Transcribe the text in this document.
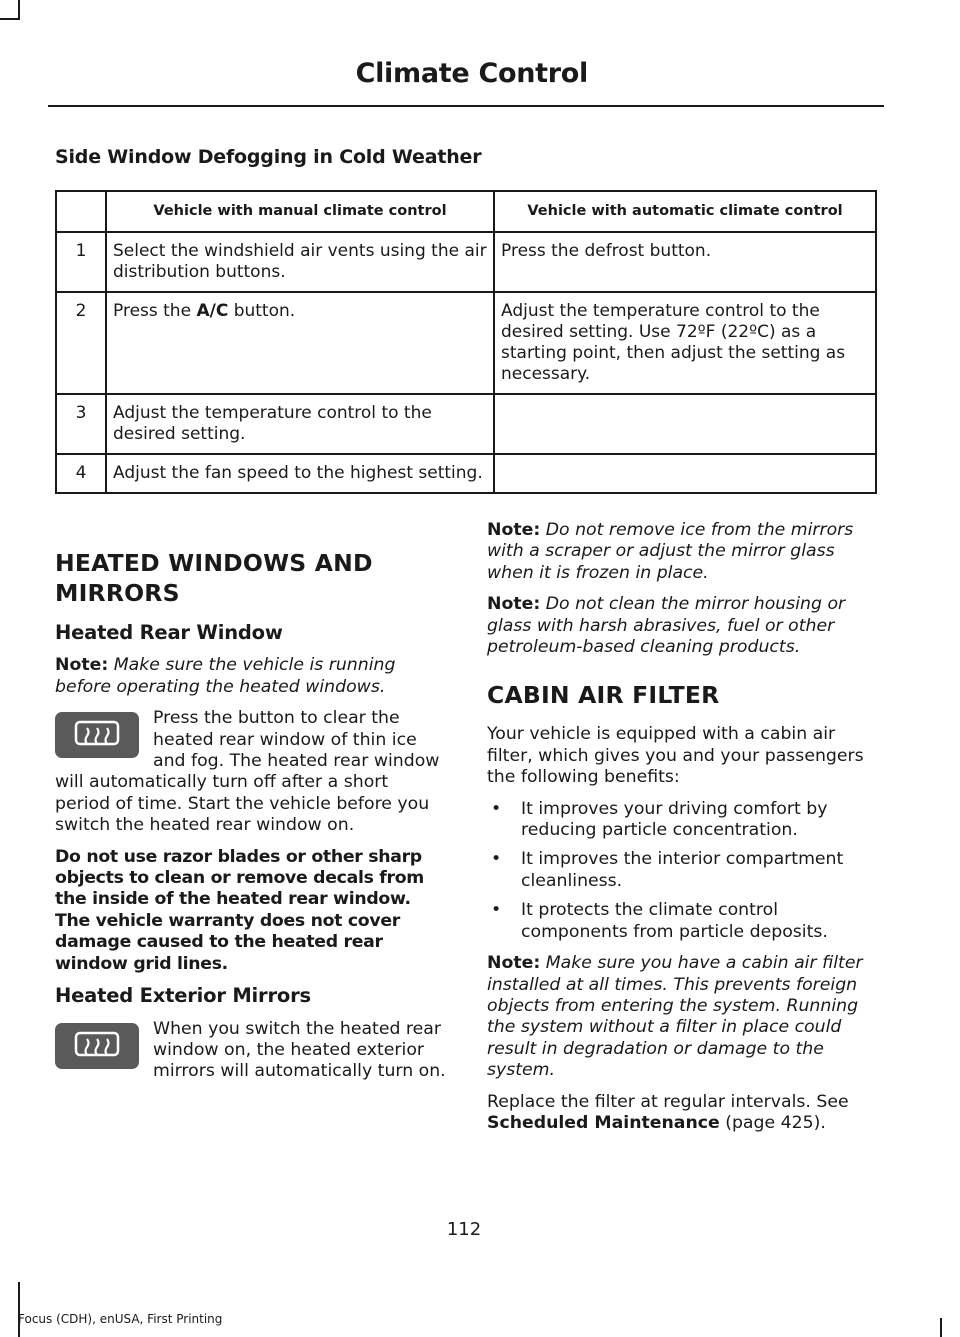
Climate Control
Side Window Defogging in Cold Weather
	Vehicle with manual climate control	Vehicle with automatic climate control
1	Select the windshield air vents using the air distribution buttons.	Press the defrost button.
2	Press the A/C button.	Adjust the temperature control to the desired setting. Use 72ºF (22ºC) as a starting point, then adjust the setting as necessary.
3	Adjust the temperature control to the desired setting.	
4	Adjust the fan speed to the highest setting.	
HEATED WINDOWS AND MIRRORS
Heated Rear Window

Note: Make sure the vehicle is running before operating the heated windows.

Press the button to clear the heated rear window of thin ice and fog. The heated rear window will automatically turn off after a short period of time. Start the vehicle before you switch the heated rear window on.

Do not use razor blades or other sharp objects to clean or remove decals from the inside of the heated rear window. The vehicle warranty does not cover damage caused to the heated rear window grid lines.

Heated Exterior Mirrors

When you switch the heated rear window on, the heated exterior mirrors will automatically turn on.

Note: Do not remove ice from the mirrors with a scraper or adjust the mirror glass when it is frozen in place.

Note: Do not clean the mirror housing or glass with harsh abrasives, fuel or other petroleum-based cleaning products.

CABIN AIR FILTER

Your vehicle is equipped with a cabin air filter, which gives you and your passengers the following benefits:

• It improves your driving comfort by reducing particle concentration.
• It improves the interior compartment cleanliness.
• It protects the climate control components from particle deposits.

Note: Make sure you have a cabin air filter installed at all times. This prevents foreign objects from entering the system. Running the system without a filter in place could result in degradation or damage to the system.

Replace the filter at regular intervals. See Scheduled Maintenance (page 425).

112
Focus (CDH), enUSA, First Printing
